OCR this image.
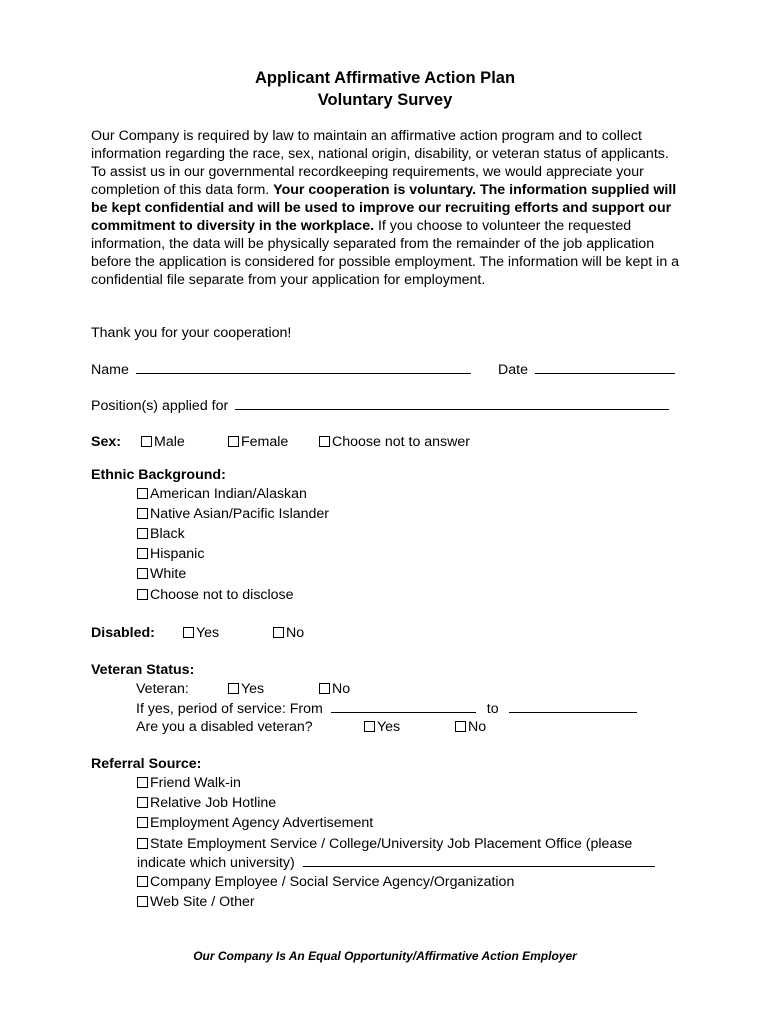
Applicant Affirmative Action Plan
Voluntary Survey
Our Company is required by law to maintain an affirmative action program and to collect information regarding the race, sex, national origin, disability, or veteran status of applicants. To assist us in our governmental recordkeeping requirements, we would appreciate your completion of this data form. Your cooperation is voluntary. The information supplied will be kept confidential and will be used to improve our recruiting efforts and support our commitment to diversity in the workplace. If you choose to volunteer the requested information, the data will be physically separated from the remainder of the job application before the application is considered for possible employment. The information will be kept in a confidential file separate from your application for employment.
Thank you for your cooperation!
Name	Date
Position(s) applied for
Sex:	Male	Female	Choose not to answer
Ethnic Background:
American Indian/Alaskan
Native Asian/Pacific Islander
Black
Hispanic
White
Choose not to disclose
Disabled:	Yes	No
Veteran Status:
Veteran:	Yes	No
If yes, period of service: From	to
Are you a disabled veteran?	Yes	No
Referral Source:
Friend Walk-in
Relative Job Hotline
Employment Agency Advertisement
State Employment Service / College/University Job Placement Office (please
indicate which university)
Company Employee / Social Service Agency/Organization
Web Site / Other
Our Company Is An Equal Opportunity/Affirmative Action Employer
